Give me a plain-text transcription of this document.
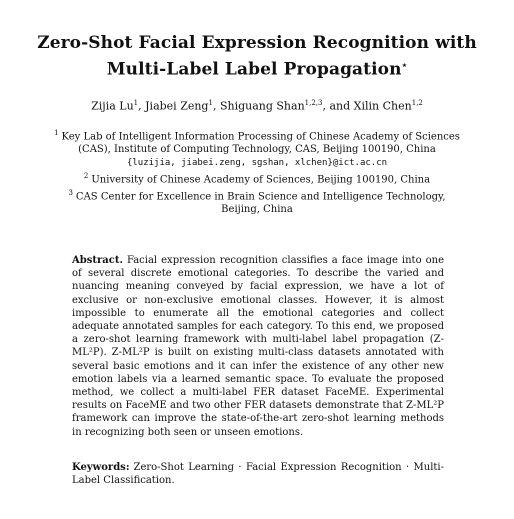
Zero-Shot Facial Expression Recognition with
Multi-Label Label Propagation⋆
Zijia Lu$^1$, Jiabei Zeng$^1$, Shiguang Shan$^{1,2,3}$, and Xilin Chen$^{1,2}$

$^1$ Key Lab of Intelligent Information Processing of Chinese Academy of Sciences

(CAS), Institute of Computing Technology, CAS, Beijing 100190, China

{luzijia, jiabei.zeng, sgshan, xlchen}@ict.ac.cn

$^2$ University of Chinese Academy of Sciences, Beijing 100190, China

$^3$ CAS Center for Excellence in Brain Science and Intelligence Technology,

Beijing, China

Abstract. Facial expression recognition classifies a face image into one of several discrete emotional categories. To describe the varied and nuancing meaning conveyed by facial expression, we have a lot of exclusive or non-exclusive emotional classes. However, it is almost impossible to enumerate all the emotional categories and collect adequate annotated samples for each category. To this end, we proposed a zero-shot learning framework with multi-label label propagation (Z-ML²P). Z-ML²P is built on existing multi-class datasets annotated with several basic emotions and it can infer the existence of any other new emotion labels via a learned semantic space. To evaluate the proposed method, we collect a multi-label FER dataset FaceME. Experimental results on FaceME and two other FER datasets demonstrate that Z-ML²P framework can improve the state-of-the-art zero-shot learning methods in recognizing both seen or unseen emotions.

Keywords: Zero-Shot Learning · Facial Expression Recognition · Multi-Label Classification.
